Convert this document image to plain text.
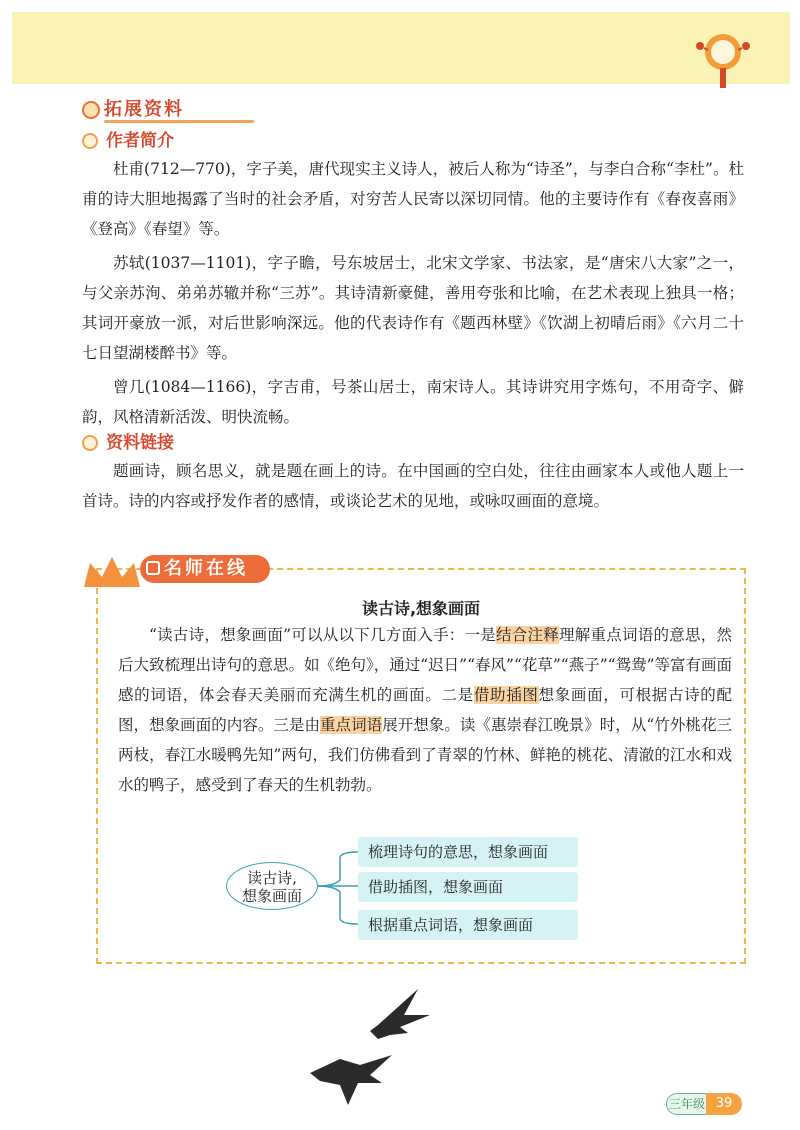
拓展资料
作者简介

杜甫(712—770)，字子美，唐代现实主义诗人，被后人称为“诗圣”，与李白合称“李杜”。杜甫的诗大胆地揭露了当时的社会矛盾，对穷苦人民寄以深切同情。他的主要诗作有《春夜喜雨》《登高》《春望》等。

苏轼(1037—1101)，字子瞻，号东坡居士，北宋文学家、书法家，是“唐宋八大家”之一，与父亲苏洵、弟弟苏辙并称“三苏”。其诗清新豪健，善用夸张和比喻，在艺术表现上独具一格；其词开豪放一派，对后世影响深远。他的代表诗作有《题西林壁》《饮湖上初晴后雨》《六月二十七日望湖楼醉书》等。

曾几(1084—1166)，字吉甫，号茶山居士，南宋诗人。其诗讲究用字炼句，不用奇字、僻韵，风格清新活泼、明快流畅。

资料链接

题画诗，顾名思义，就是题在画上的诗。在中国画的空白处，往往由画家本人或他人题上一首诗。诗的内容或抒发作者的感情，或谈论艺术的见地，或咏叹画面的意境。

名师在线
读古诗,想象画面

“读古诗，想象画面”可以从以下几方面入手：一是结合注释理解重点词语的意思，然后大致梳理出诗句的意思。如《绝句》，通过“迟日”“春风”“花草”“燕子”“鸳鸯”等富有画面感的词语，体会春天美丽而充满生机的画面。二是借助插图想象画面，可根据古诗的配图，想象画面的内容。三是由重点词语展开想象。读《惠崇春江晚景》时，从“竹外桃花三两枝，春江水暖鸭先知”两句，我们仿佛看到了青翠的竹林、鲜艳的桃花、清澈的江水和戏水的鸭子，感受到了春天的生机勃勃。

读古诗,
想象画面
梳理诗句的意思，想象画面
借助插图，想象画面
根据重点词语，想象画面
三年级 39
